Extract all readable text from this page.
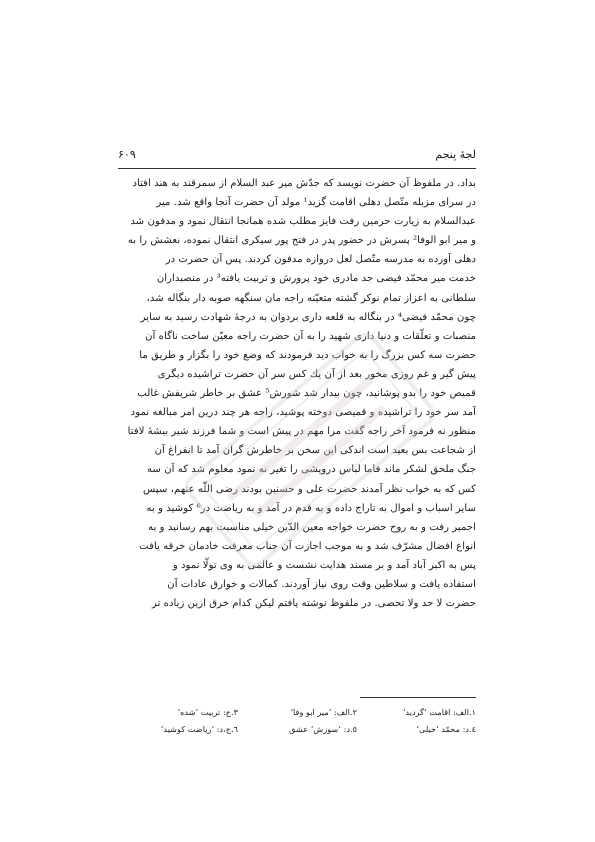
لجۀ پنجم
۶۰۹
بداد. در ملفوظ آن حضرت نویسد که جدّش میر عبد السلام از سمرقند به هند افتاد
در سرای مزبله متّصل دهلی اقامت گزید¹ مولد آن حضرت آنجا واقع شد. میر
عبدالسلام به زیارت حرمین رفت فایز مطلب شده همانجا انتقال نمود و مدفون شد
و میر ابو الوفا² پسرش در حضور پدر در فتح پور سیکری انتقال نموده، نعشش را به
دهلی آورده به مدرسه متّصل لعل دروازه مدفون کردند. پس آن حضرت در
خدمت میر محمّد فیضی جد مادری خود پرورش و تربیت یافته³ در منصبداران
سلطانی به اعزاز تمام نوکر گشته متعیّنه راجه مان سنگهه صوبه دار بنگاله شد،
چون محمّد فیضی⁴ در بنگاله به قلعه داری بردوان به درجهٔ شهادت رسید به سایر
منصبات و تعلّقات و دنیا داری شهید را به آن حضرت راجه معیّن ساخت ناگاه آن
حضرت سه کس بزرگ را به خواب دید فرمودند که وضع خود را بگزار و طریق ما
پیش گیر و غم روزی مخور بعد از آن یك كس سر آن حضرت تراشیده دیگری
قمیص خود را بدو پوشانید، چون بیدار شد شورش⁵ عشق بر خاطر شریفش غالب
آمد سر خود را تراشیده و قمیصی دوخته پوشید، راجه هر چند درین امر مبالغه نمود
منظور نه فرمود آخر راجه گفت مرا مهم در پیش است و شما فرزند شیر بیشهٔ لافتا
از شجاعت بس بعید است اندکی این سخن بر خاطرش گران آمد تا انفراغ آن
جنگ ملحق لشکر ماند فاما لباس درویشی را تغیر نه نمود معلوم شد که آن سه
کس که به خواب نظر آمدند حضرت علی و حسنین بودند رضی اللّٰه عنهم، سپس
سایر اسباب و اموال به تاراج داده و به قدم در آمد و به ریاضت در⁶ کوشید و به
اجمیر رفت و به روح حضرت خواجه معین الدّین خیلی مناسبت بهم رسانید و به
انواع افضال مشرّف شد و به موجب اجازت آن جناب معرفت خادمان خرقه یافت
پس به اکبر آباد آمد و بر مسند هدایت نشست و عالمی به وی تولّا نمود و
استفاده یافت و سلاطین وقت روی نیاز آوردند. کمالات و خوارق عادات آن
حضرت لا حد ولا تحصی. در ملفوظ نوشته یافتم لیکن کدام خرق ازین زیاده تر
١.الف: اقامت ’گردید‘
٢.الف: ’میر ابو وفا‘
٣.ج: تربیت ’شده‘
٤.د: محمّد ’خیلی‘
٥.د: ’سوزش‘ عشق
٦.ج،د: ’ریاضت کوشید‘
